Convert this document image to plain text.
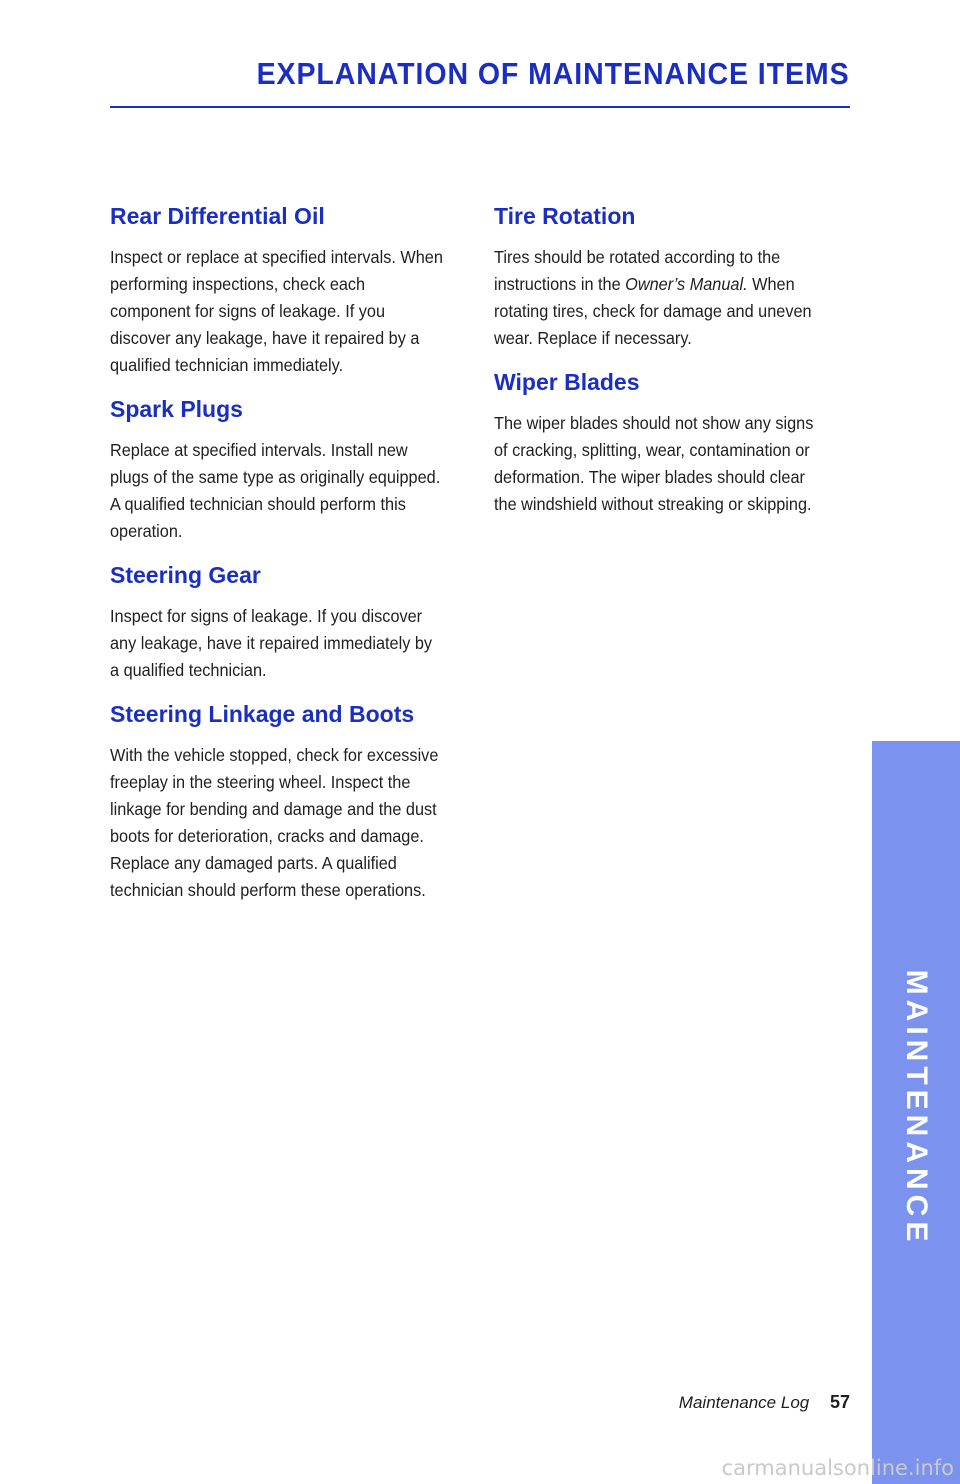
EXPLANATION OF MAINTENANCE ITEMS
Rear Differential Oil

Inspect or replace at specified intervals. When performing inspections, check each component for signs of leakage. If you discover any leakage, have it repaired by a qualified technician immediately.

Spark Plugs

Replace at specified intervals. Install new plugs of the same type as originally equipped. A qualified technician should perform this operation.

Steering Gear

Inspect for signs of leakage. If you discover any leakage, have it repaired immediately by a qualified technician.

Steering Linkage and Boots

With the vehicle stopped, check for excessive freeplay in the steering wheel. Inspect the linkage for bending and damage and the dust boots for deterioration, cracks and damage. Replace any damaged parts. A qualified technician should perform these operations.

Tire Rotation

Tires should be rotated according to the instructions in the Owner’s Manual. When rotating tires, check for damage and uneven wear. Replace if necessary.

Wiper Blades

The wiper blades should not show any signs of cracking, splitting, wear, contamination or deformation. The wiper blades should clear the windshield without streaking or skipping.

MAINTENANCE
Maintenance Log 57
carmanualsonline.info
